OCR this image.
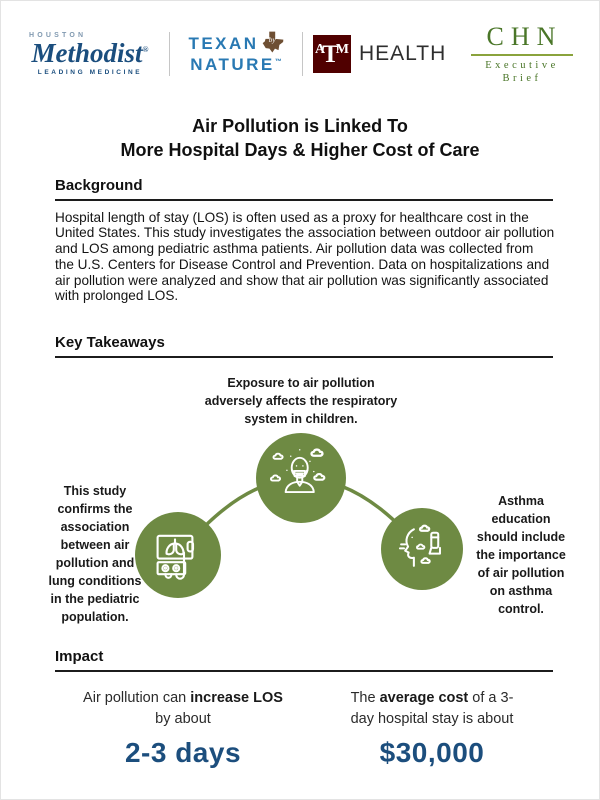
HOUSTON
Methodist®
LEADING MEDICINE
TEXAN by
NATURE™
A
T
M HEALTH
CHN
Executive
Brief
Air Pollution is Linked To
More Hospital Days & Higher Cost of Care
Background
Hospital length of stay (LOS) is often used as a proxy for healthcare cost in the United States. This study investigates the association between outdoor air pollution and LOS among pediatric asthma patients. Air pollution data was collected from the U.S. Centers for Disease Control and Prevention. Data on hospitalizations and air pollution were analyzed and show that air pollution was significantly associated with prolonged LOS.
Key Takeaways
Exposure to air pollution adversely affects the respiratory system in children.
This study confirms the association between air pollution and lung conditions in the pediatric population.
Asthma education should include the importance of air pollution on asthma control.
Impact
Air pollution can increase LOS by about
2-3 days
The average cost of a 3-day hospital stay is about
$30,000
